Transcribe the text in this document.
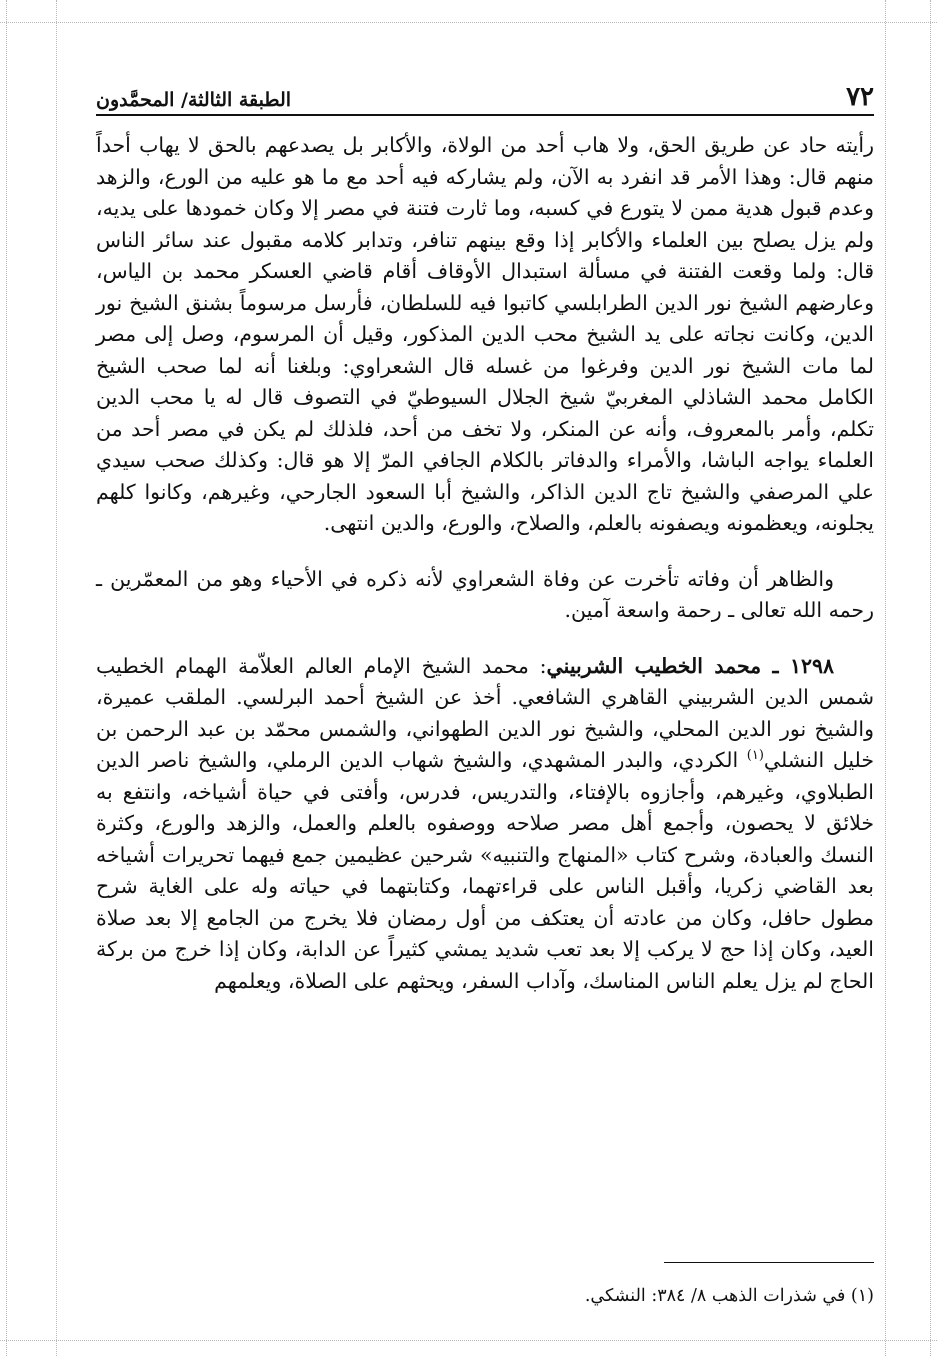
٧٢
الطبقة الثالثة/ المحمَّدون

رأيته حاد عن طريق الحق، ولا هاب أحد من الولاة، والأكابر بل يصدعهم بالحق لا يهاب أحداً منهم قال: وهذا الأمر قد انفرد به الآن، ولم يشاركه فيه أحد مع ما هو عليه من الورع، والزهد وعدم قبول هدية ممن لا يتورع في كسبه، وما ثارت فتنة في مصر إلا وكان خمودها على يديه، ولم يزل يصلح بين العلماء والأكابر إذا وقع بينهم تنافر، وتدابر كلامه مقبول عند سائر الناس قال: ولما وقعت الفتنة في مسألة استبدال الأوقاف أقام قاضي العسكر محمد بن الياس، وعارضهم الشيخ نور الدين الطرابلسي كاتبوا فيه للسلطان، فأرسل مرسوماً بشنق الشيخ نور الدين، وكانت نجاته على يد الشيخ محب الدين المذكور، وقيل أن المرسوم، وصل إلى مصر لما مات الشيخ نور الدين وفرغوا من غسله قال الشعراوي: وبلغنا أنه لما صحب الشيخ الكامل محمد الشاذلي المغربيّ شيخ الجلال السيوطيّ في التصوف قال له يا محب الدين تكلم، وأمر بالمعروف، وأنه عن المنكر، ولا تخف من أحد، فلذلك لم يكن في مصر أحد من العلماء يواجه الباشا، والأمراء والدفاتر بالكلام الجافي المرّ إلا هو قال: وكذلك صحب سيدي علي المرصفي والشيخ تاج الدين الذاكر، والشيخ أبا السعود الجارحي، وغيرهم، وكانوا كلهم يجلونه، ويعظمونه ويصفونه بالعلم، والصلاح، والورع، والدين انتهى.

والظاهر أن وفاته تأخرت عن وفاة الشعراوي لأنه ذكره في الأحياء وهو من المعمّرين ـ رحمه الله تعالى ـ رحمة واسعة آمين.

١٢٩٨ ـ محمد الخطيب الشربيني: محمد الشيخ الإمام العالم العلاّمة الهمام الخطيب شمس الدين الشربيني القاهري الشافعي. أخذ عن الشيخ أحمد البرلسي. الملقب عميرة، والشيخ نور الدين المحلي، والشيخ نور الدين الطهواني، والشمس محمّد بن عبد الرحمن بن خليل النشلي$^{(١)}$ الكردي، والبدر المشهدي، والشيخ شهاب الدين الرملي، والشيخ ناصر الدين الطبلاوي، وغيرهم، وأجازوه بالإفتاء، والتدريس، فدرس، وأفتى في حياة أشياخه، وانتفع به خلائق لا يحصون، وأجمع أهل مصر صلاحه ووصفوه بالعلم والعمل، والزهد والورع، وكثرة النسك والعبادة، وشرح كتاب «المنهاج والتنبيه» شرحين عظيمين جمع فيهما تحريرات أشياخه بعد القاضي زكريا، وأقبل الناس على قراءتهما، وكتابتهما في حياته وله على الغاية شرح مطول حافل، وكان من عادته أن يعتكف من أول رمضان فلا يخرج من الجامع إلا بعد صلاة العيد، وكان إذا حج لا يركب إلا بعد تعب شديد يمشي كثيراً عن الدابة، وكان إذا خرج من بركة الحاج لم يزل يعلم الناس المناسك، وآداب السفر، ويحثهم على الصلاة، ويعلمهم

(١) في شذرات الذهب ٨/ ٣٨٤: النشكي.
